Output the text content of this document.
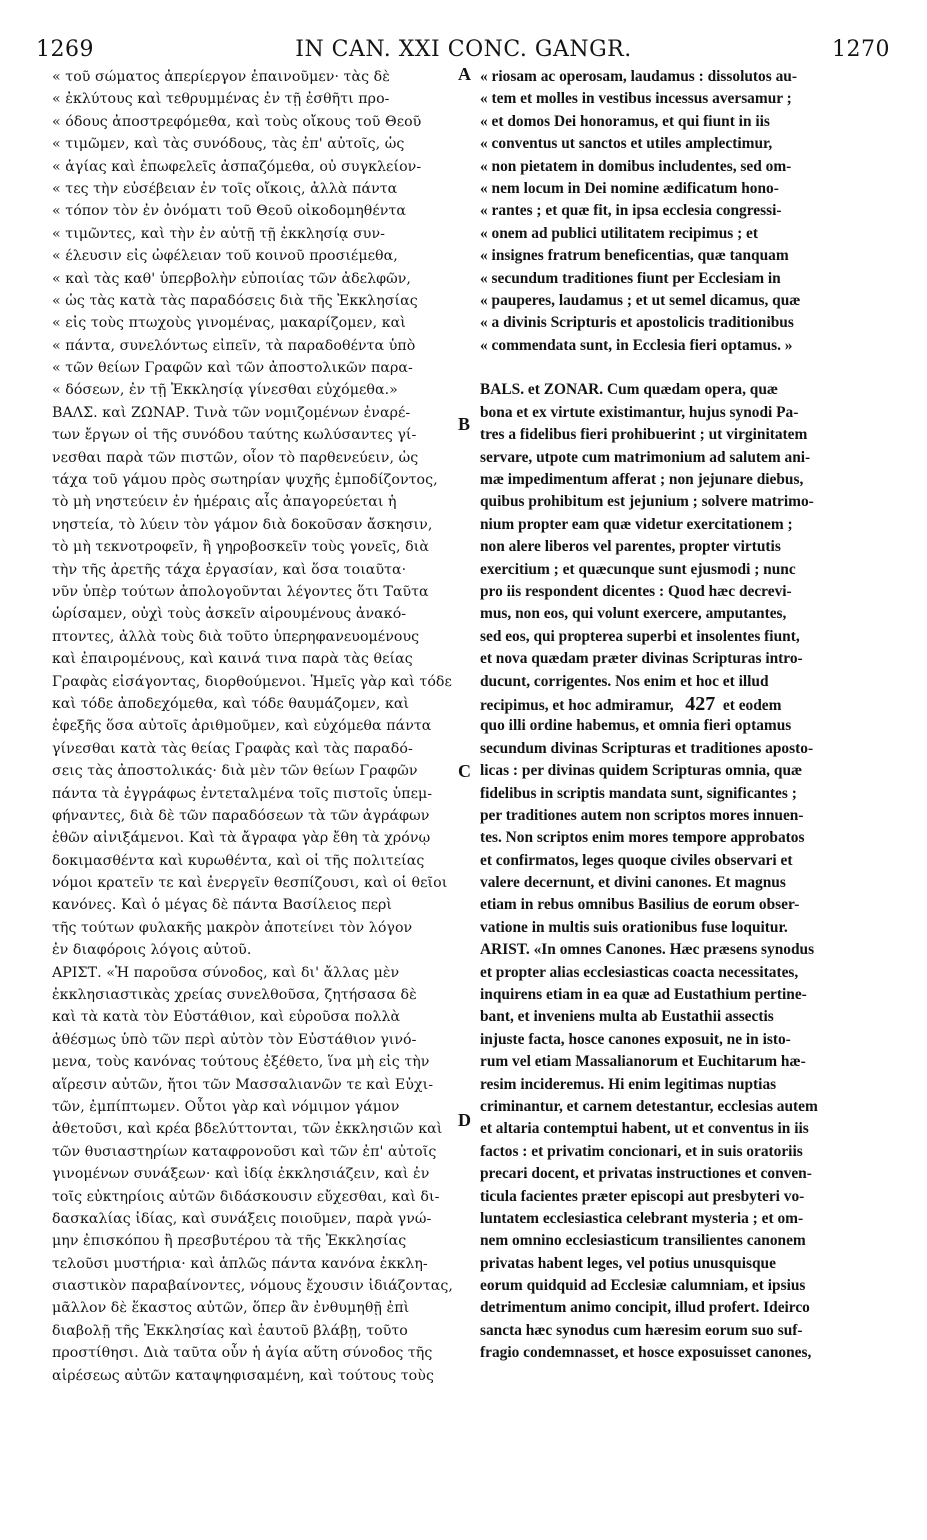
1269	IN CAN. XXI CONC. GANGR.	1270
« τοῦ σώματος ἀπερίεργον ἐπαινοῦμεν· τὰς δὲ
« ἐκλύτους καὶ τεθρυμμένας ἐν τῇ ἐσθῆτι προ-
« όδους ἀποστρεφόμεθα, καὶ τοὺς οἴκους τοῦ Θεοῦ
« τιμῶμεν, καὶ τὰς συνόδους, τὰς ἐπ' αὐτοῖς, ὡς
« ἁγίας καὶ ἐπωφελεῖς ἀσπαζόμεθα, οὐ συγκλείον-
« τες τὴν εὐσέβειαν ἐν τοῖς οἴκοις, ἀλλὰ πάντα
« τόπον τὸν ἐν ὀνόματι τοῦ Θεοῦ οἰκοδομηθέντα
« τιμῶντες, καὶ τὴν ἐν αὐτῇ τῇ ἐκκλησίᾳ συν-
« έλευσιν εἰς ὠφέλειαν τοῦ κοινοῦ προσιέμεθα,
« καὶ τὰς καθ' ὑπερβολὴν εὐποιίας τῶν ἀδελφῶν,
« ὡς τὰς κατὰ τὰς παραδόσεις διὰ τῆς Ἐκκλησίας
« εἰς τοὺς πτωχοὺς γινομένας, μακαρίζομεν, καὶ
« πάντα, συνελόντως εἰπεῖν, τὰ παραδοθέντα ὑπὸ
« τῶν θείων Γραφῶν καὶ τῶν ἀποστολικῶν παρα-
« δόσεων, ἐν τῇ Ἐκκλησίᾳ γίνεσθαι εὐχόμεθα.»
ΒΑΛΣ. καὶ ΖΩΝΑΡ. Τινὰ τῶν νομιζομένων ἐναρέ-
των ἔργων οἱ τῆς συνόδου ταύτης κωλύσαντες γί-
νεσθαι παρὰ τῶν πιστῶν, οἷον τὸ παρθενεύειν, ὡς
τάχα τοῦ γάμου πρὸς σωτηρίαν ψυχῆς ἐμποδίζοντος,
τὸ μὴ νηστεύειν ἐν ἡμέραις αἷς ἀπαγορεύεται ἡ
νηστεία, τὸ λύειν τὸν γάμον διὰ δοκοῦσαν ἄσκησιν,
τὸ μὴ τεκνοτροφεῖν, ἢ γηροβοσκεῖν τοὺς γονεῖς, διὰ
τὴν τῆς ἀρετῆς τάχα ἐργασίαν, καὶ ὅσα τοιαῦτα·
νῦν ὑπὲρ τούτων ἀπολογοῦνται λέγοντες ὅτι Ταῦτα
ὡρίσαμεν, οὐχὶ τοὺς ἀσκεῖν αἱρουμένους ἀνακό-
πτοντες, ἀλλὰ τοὺς διὰ τοῦτο ὑπερηφανευομένους
καὶ ἐπαιρομένους, καὶ καινά τινα παρὰ τὰς θείας
Γραφὰς εἰσάγοντας, διορθούμενοι. Ἡμεῖς γὰρ καὶ τόδε
καὶ τόδε ἀποδεχόμεθα, καὶ τόδε θαυμάζομεν, καὶ
ἐφεξῆς ὅσα αὐτοῖς ἀριθμοῦμεν, καὶ εὐχόμεθα πάντα
γίνεσθαι κατὰ τὰς θείας Γραφὰς καὶ τὰς παραδό-
σεις τὰς ἀποστολικάς· διὰ μὲν τῶν θείων Γραφῶν
πάντα τὰ ἐγγράφως ἐντεταλμένα τοῖς πιστοῖς ὑπεμ-
φήναντες, διὰ δὲ τῶν παραδόσεων τὰ τῶν ἀγράφων
ἐθῶν αἰνιξάμενοι. Καὶ τὰ ἄγραφα γὰρ ἔθη τὰ χρόνῳ
δοκιμασθέντα καὶ κυρωθέντα, καὶ οἱ τῆς πολιτείας
νόμοι κρατεῖν τε καὶ ἐνεργεῖν θεσπίζουσι, καὶ οἱ θεῖοι
κανόνες. Καὶ ὁ μέγας δὲ πάντα Βασίλειος περὶ
τῆς τούτων φυλακῆς μακρὸν ἀποτείνει τὸν λόγον
ἐν διαφόροις λόγοις αὐτοῦ.
ΑΡΙΣΤ. «Ἡ παροῦσα σύνοδος, καὶ δι' ἄλλας μὲν
ἐκκλησιαστικὰς χρείας συνελθοῦσα, ζητήσασα δὲ
καὶ τὰ κατὰ τὸν Εὐστάθιον, καὶ εὑροῦσα πολλὰ
ἀθέσμως ὑπὸ τῶν περὶ αὐτὸν τὸν Εὐστάθιον γινό-
μενα, τοὺς κανόνας τούτους ἐξέθετο, ἵνα μὴ εἰς τὴν
αἵρεσιν αὐτῶν, ἤτοι τῶν Μασσαλιανῶν τε καὶ Εὐχι-
τῶν, ἐμπίπτωμεν. Οὗτοι γὰρ καὶ νόμιμον γάμον
ἀθετοῦσι, καὶ κρέα βδελύττονται, τῶν ἐκκλησιῶν καὶ
τῶν θυσιαστηρίων καταφρονοῦσι καὶ τῶν ἐπ' αὐτοῖς
γινομένων συνάξεων· καὶ ἰδίᾳ ἐκκλησιάζειν, καὶ ἐν
τοῖς εὐκτηρίοις αὐτῶν διδάσκουσιν εὔχεσθαι, καὶ δι-
δασκαλίας ἰδίας, καὶ συνάξεις ποιοῦμεν, παρὰ γνώ-
μην ἐπισκόπου ἢ πρεσβυτέρου τὰ τῆς Ἐκκλησίας
τελοῦσι μυστήρια· καὶ ἁπλῶς πάντα κανόνα ἐκκλη-
σιαστικὸν παραβαίνοντες, νόμους ἔχουσιν ἰδιάζοντας,
μᾶλλον δὲ ἕκαστος αὐτῶν, ὅπερ ἂν ἐνθυμηθῇ ἐπὶ
διαβολῇ τῆς Ἐκκλησίας καὶ ἑαυτοῦ βλάβῃ, τοῦτο
προστίθησι. Διὰ ταῦτα οὖν ἡ ἁγία αὕτη σύνοδος τῆς
αἱρέσεως αὐτῶν καταψηφισαμένη, καὶ τούτους τοὺς
« riosam ac operosam, laudamus : dissolutos au-
« tem et molles in vestibus incessus aversamur ;
« et domos Dei honoramus, et qui fiunt in iis
« conventus ut sanctos et utiles amplectimur,
« non pietatem in domibus includentes, sed om-
« nem locum in Dei nomine ædificatum hono-
« rantes ; et quæ fit, in ipsa ecclesia congressi-
« onem ad publici utilitatem recipimus ; et
« insignes fratrum beneficentias, quæ tanquam
« secundum traditiones fiunt per Ecclesiam in
« pauperes, laudamus ; et ut semel dicamus, quæ
« a divinis Scripturis et apostolicis traditionibus
« commendata sunt, in Ecclesia fieri optamus. »
BALS. et ZONAR. Cum quædam opera, quæ
bona et ex virtute existimantur, hujus synodi Pa-
tres a fidelibus fieri prohibuerint ; ut virginitatem
servare, utpote cum matrimonium ad salutem ani-
mæ impedimentum afferat ; non jejunare diebus,
quibus prohibitum est jejunium ; solvere matrimo-
nium propter eam quæ videtur exercitationem ;
non alere liberos vel parentes, propter virtutis
exercitium ; et quæcunque sunt ejusmodi ; nunc
pro iis respondent dicentes : Quod hæc decrevi-
mus, non eos, qui volunt exercere, amputantes,
sed eos, qui propterea superbi et insolentes fiunt,
et nova quædam præter divinas Scripturas intro-
ducunt, corrigentes. Nos enim et hoc et illud
recipimus, et hoc admiramur, 427  et eodem
quo illi ordine habemus, et omnia fieri optamus
secundum divinas Scripturas et traditiones aposto-
licas : per divinas quidem Scripturas omnia, quæ
fidelibus in scriptis mandata sunt, significantes ;
per traditiones autem non scriptos mores innuen-
tes. Non scriptos enim mores tempore approbatos
et confirmatos, leges quoque civiles observari et
valere decernunt, et divini canones. Et magnus
etiam in rebus omnibus Basilius de eorum obser-
vatione in multis suis orationibus fuse loquitur.
ARIST. «In omnes Canones. Hæc præsens synodus
et propter alias ecclesiasticas coacta necessitates,
inquirens etiam in ea quæ ad Eustathium pertine-
bant, et inveniens multa ab Eustathii assectis
injuste facta, hosce canones exposuit, ne in isto-
rum vel etiam Massalianorum et Euchitarum hæ-
resim incideremus. Hi enim legitimas nuptias
criminantur, et carnem detestantur, ecclesias autem
et altaria contemptui habent, ut et conventus in iis
factos : et privatim concionari, et in suis oratoriis
precari docent, et privatas instructiones et conven-
ticula facientes præter episcopi aut presbyteri vo-
luntatem ecclesiastica celebrant mysteria ; et om-
nem omnino ecclesiasticum transilientes canonem
privatas habent leges, vel potius unusquisque
eorum quidquid ad Ecclesiæ calumniam, et ipsius
detrimentum animo concipit, illud profert. Ideirco
sancta hæc synodus cum hæresim eorum suo suf-
fragio condemnasset, et hosce exposuisset canones,
A
B
C
D
